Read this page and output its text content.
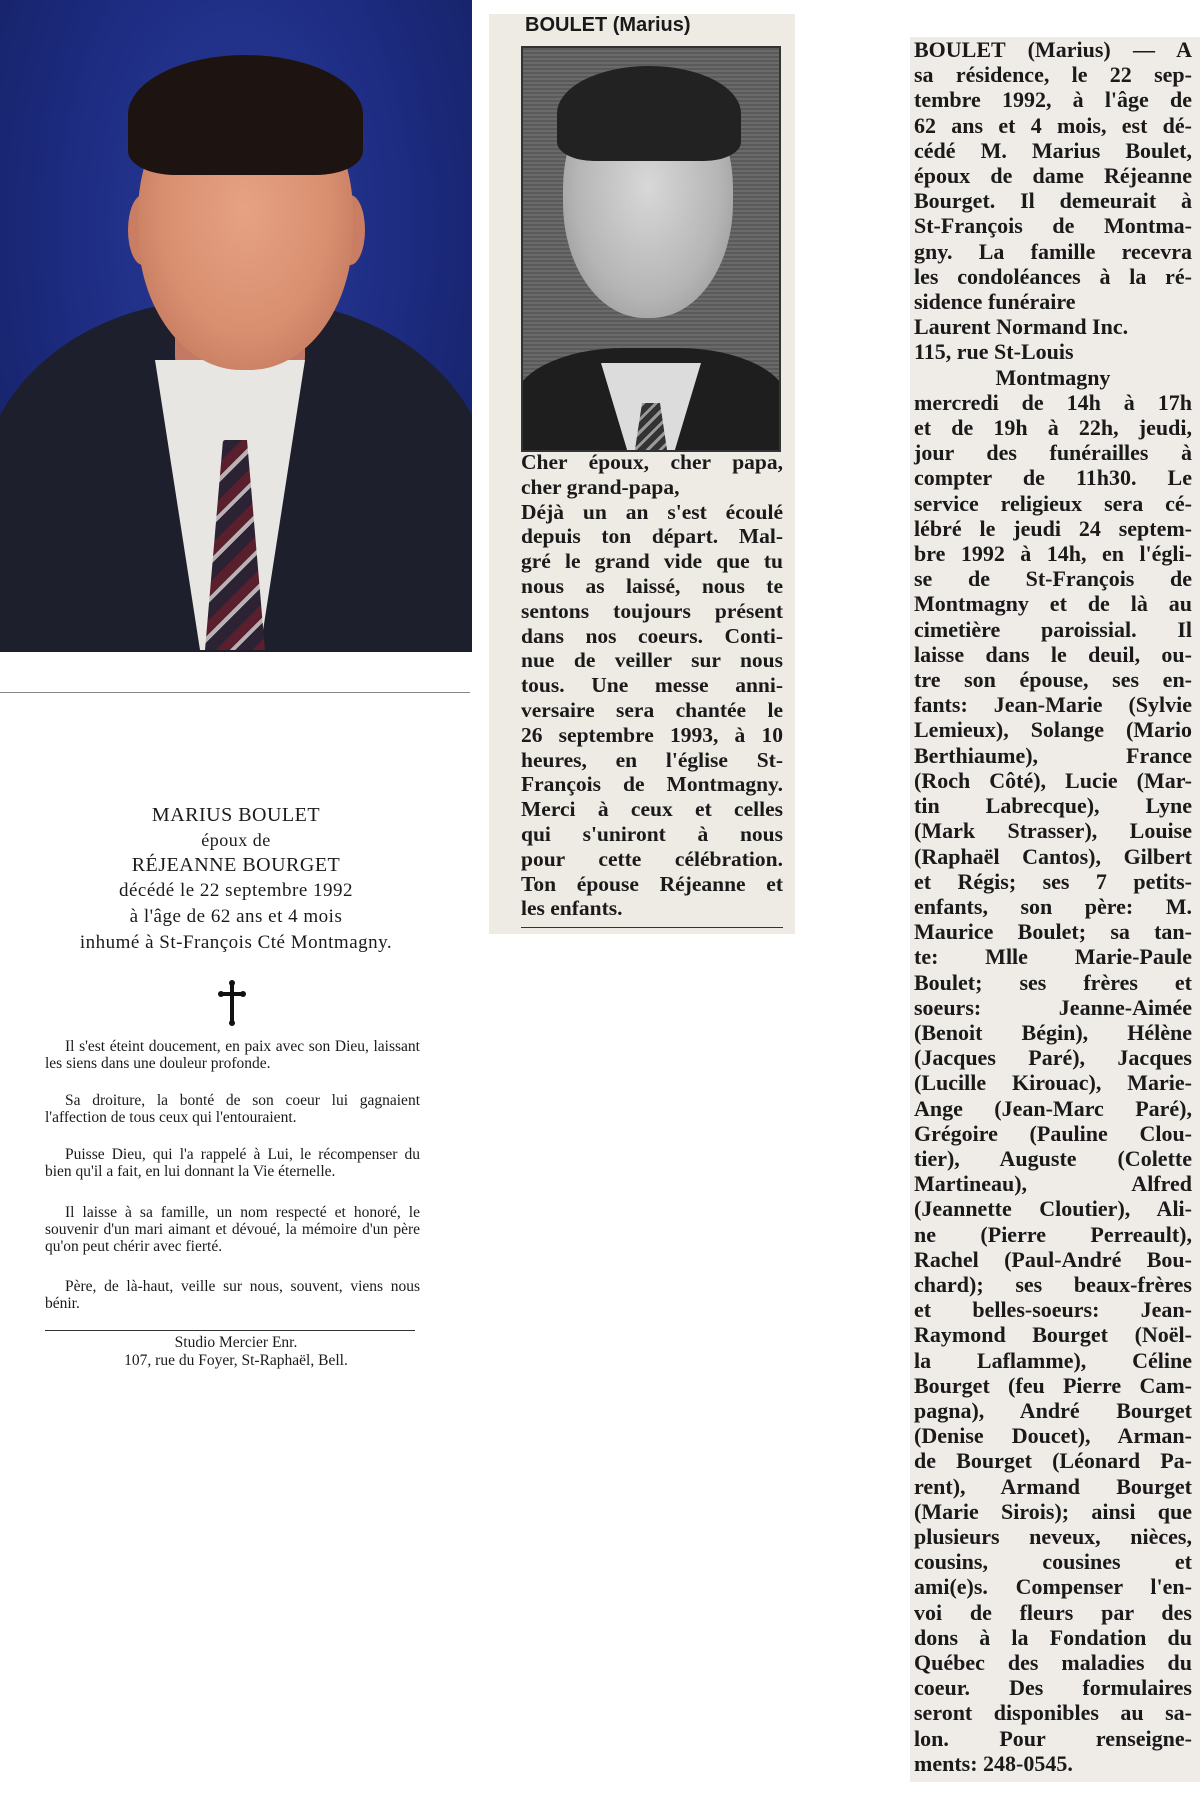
MARIUS BOULET
époux de
RÉJEANNE BOURGET
décédé le 22 septembre 1992
à l'âge de 62 ans et 4 mois
inhumé à St-François Cté Montmagny.

Il s'est éteint doucement, en paix avec son Dieu, laissant les siens dans une douleur profonde.

Sa droiture, la bonté de son coeur lui gagnaient l'affection de tous ceux qui l'entouraient.

Puisse Dieu, qui l'a rappelé à Lui, le récompenser du bien qu'il a fait, en lui donnant la Vie éternelle.

Il laisse à sa famille, un nom respecté et honoré, le souvenir d'un mari aimant et dévoué, la mémoire d'un père qu'on peut chérir avec fierté.

Père, de là-haut, veille sur nous, souvent, viens nous bénir.

Studio Mercier Enr.
107, rue du Foyer, St-Raphaël, Bell.
BOULET (Marius)
Cher époux, cher papa,
cher grand-papa,
Déjà un an s'est écoulé
depuis ton départ. Mal-
gré le grand vide que tu
nous as laissé, nous te
sentons toujours présent
dans nos coeurs. Conti-
nue de veiller sur nous
tous. Une messe anni-
versaire sera chantée le
26 septembre 1993, à 10
heures, en l'église St-
François de Montmagny.
Merci à ceux et celles
qui s'uniront à nous
pour cette célébration.
Ton épouse Réjeanne et
les enfants.
BOULET (Marius) — A
sa résidence, le 22 sep-
tembre 1992, à l'âge de
62 ans et 4 mois, est dé-
cédé M. Marius Boulet,
époux de dame Réjeanne
Bourget. Il demeurait à
St-François de Montma-
gny. La famille recevra
les condoléances à la ré-
sidence funéraire
Laurent Normand Inc.
115, rue St-Louis
Montmagny
mercredi de 14h à 17h
et de 19h à 22h, jeudi,
jour des funérailles à
compter de 11h30. Le
service religieux sera cé-
lébré le jeudi 24 septem-
bre 1992 à 14h, en l'égli-
se de St-François de
Montmagny et de là au
cimetière paroissial. Il
laisse dans le deuil, ou-
tre son épouse, ses en-
fants: Jean-Marie (Sylvie
Lemieux), Solange (Mario
Berthiaume), France
(Roch Côté), Lucie (Mar-
tin Labrecque), Lyne
(Mark Strasser), Louise
(Raphaël Cantos), Gilbert
et Régis; ses 7 petits-
enfants, son père: M.
Maurice Boulet; sa tan-
te: Mlle Marie-Paule
Boulet; ses frères et
soeurs: Jeanne-Aimée
(Benoit Bégin), Hélène
(Jacques Paré), Jacques
(Lucille Kirouac), Marie-
Ange (Jean-Marc Paré),
Grégoire (Pauline Clou-
tier), Auguste (Colette
Martineau), Alfred
(Jeannette Cloutier), Ali-
ne (Pierre Perreault),
Rachel (Paul-André Bou-
chard); ses beaux-frères
et belles-soeurs: Jean-
Raymond Bourget (Noël-
la Laflamme), Céline
Bourget (feu Pierre Cam-
pagna), André Bourget
(Denise Doucet), Arman-
de Bourget (Léonard Pa-
rent), Armand Bourget
(Marie Sirois); ainsi que
plusieurs neveux, nièces,
cousins, cousines et
ami(e)s. Compenser l'en-
voi de fleurs par des
dons à la Fondation du
Québec des maladies du
coeur. Des formulaires
seront disponibles au sa-
lon. Pour renseigne-
ments: 248-0545.
